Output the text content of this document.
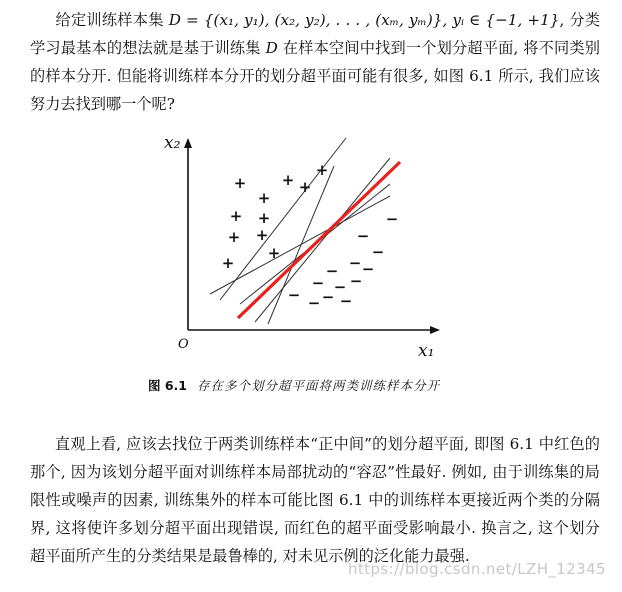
给定训练样本集 D = {(x₁, y₁), (x₂, y₂), . . . , (xₘ, yₘ)}, yᵢ ∈ {−1, +1}, 分类学习最基本的想法就是基于训练集 D 在样本空间中找到一个划分超平面, 将不同类别的样本分开. 但能将训练样本分开的划分超平面可能有很多, 如图 6.1 所示, 我们应该努力去找到哪一个呢?

x₂
x₁
O
+
+
+ +
+
+ +
+ +
+
+
−
−
−
− −
−
− −
−
−
− −
−
图 6.1 存在多个划分超平面将两类训练样本分开

直观上看, 应该去找位于两类训练样本“正中间”的划分超平面, 即图 6.1 中红色的那个, 因为该划分超平面对训练样本局部扰动的“容忍”性最好. 例如, 由于训练集的局限性或噪声的因素, 训练集外的样本可能比图 6.1 中的训练样本更接近两个类的分隔界, 这将使许多划分超平面出现错误, 而红色的超平面受影响最小. 换言之, 这个划分超平面所产生的分类结果是最鲁棒的, 对未见示例的泛化能力最强.

https://blog.csdn.net/LZH_12345
